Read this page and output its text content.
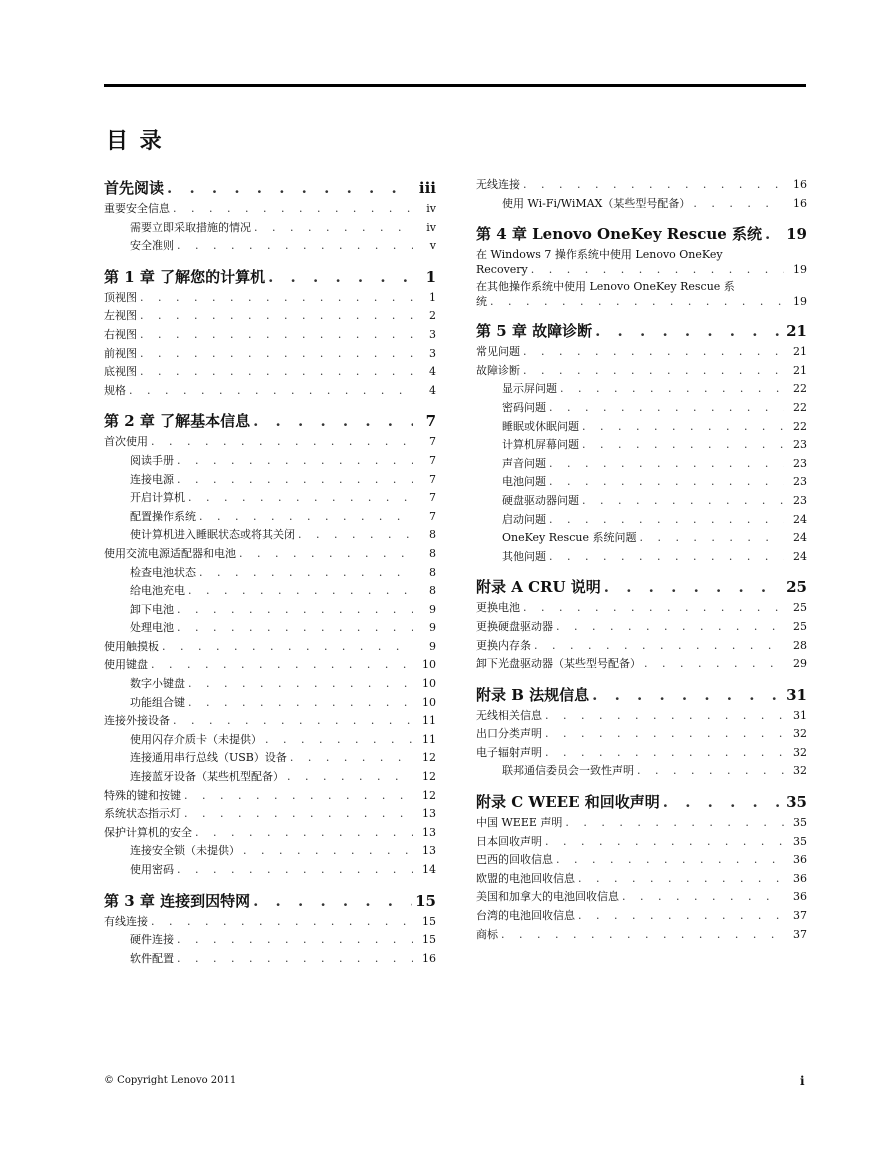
目 录
首先阅读 . . .	iii
重要安全信息 . . .	iv
需要立即采取措施的情况 . . .	iv
安全准则 . . .	v
第 1 章 了解您的计算机 . . .	1
顶视图 . . .	1
左视图 . . .	2
右视图 . . .	3
前视图 . . .	3
底视图 . . .	4
规格 . . .	4
第 2 章 了解基本信息 . . .	7
首次使用 . . .	7
阅读手册 . . .	7
连接电源 . . .	7
开启计算机 . . .	7
配置操作系统 . . .	7
使计算机进入睡眠状态或将其关闭 . . .	8
使用交流电源适配器和电池 . . .	8
检查电池状态 . . .	8
给电池充电 . . .	8
卸下电池 . . .	9
处理电池 . . .	9
使用触摸板 . . .	9
使用键盘 . . .	10
数字小键盘 . . .	10
功能组合键 . . .	10
连接外接设备 . . .	11
使用闪存介质卡（未提供） . . .	11
连接通用串行总线（USB）设备 . . .	12
连接蓝牙设备（某些机型配备） . . .	12
特殊的键和按键 . . .	12
系统状态指示灯 . . .	13
保护计算机的安全 . . .	13
连接安全锁（未提供） . . .	13
使用密码 . . .	14
第 3 章 连接到因特网 . . .	15
有线连接 . . .	15
硬件连接 . . .	15
软件配置 . . .	16
无线连接 . . .	16
使用 Wi-Fi/WiMAX（某些型号配备） . . .	16
第 4 章 Lenovo OneKey Rescue 系统 . . . 19
在 Windows 7 操作系统中使用 Lenovo OneKey
Recovery . . .	19
在其他操作系统中使用 Lenovo OneKey Rescue 系
统 . . .	19
第 5 章 故障诊断 . . .	21
常见问题 . . .	21
故障诊断 . . .	21
显示屏问题 . . .	22
密码问题 . . .	22
睡眠或休眠问题 . . .	22
计算机屏幕问题 . . .	23
声音问题 . . .	23
电池问题 . . .	23
硬盘驱动器问题 . . .	23
启动问题 . . .	24
OneKey Rescue 系统问题 . . .	24
其他问题 . . .	24
附录 A CRU 说明 . . .	25
更换电池 . . .	25
更换硬盘驱动器 . . .	25
更换内存条 . . .	28
卸下光盘驱动器（某些型号配备） . . .	29
附录 B 法规信息 . . .	31
无线相关信息 . . .	31
出口分类声明 . . .	32
电子辐射声明 . . .	32
联邦通信委员会一致性声明 . . .	32
附录 C WEEE 和回收声明 . . .	35
中国 WEEE 声明 . . .	35
日本回收声明 . . .	35
巴西的回收信息 . . .	36
欧盟的电池回收信息 . . .	36
美国和加拿大的电池回收信息 . . .	36
台湾的电池回收信息 . . .	37
商标 . . .	37
© Copyright Lenovo 2011	i
